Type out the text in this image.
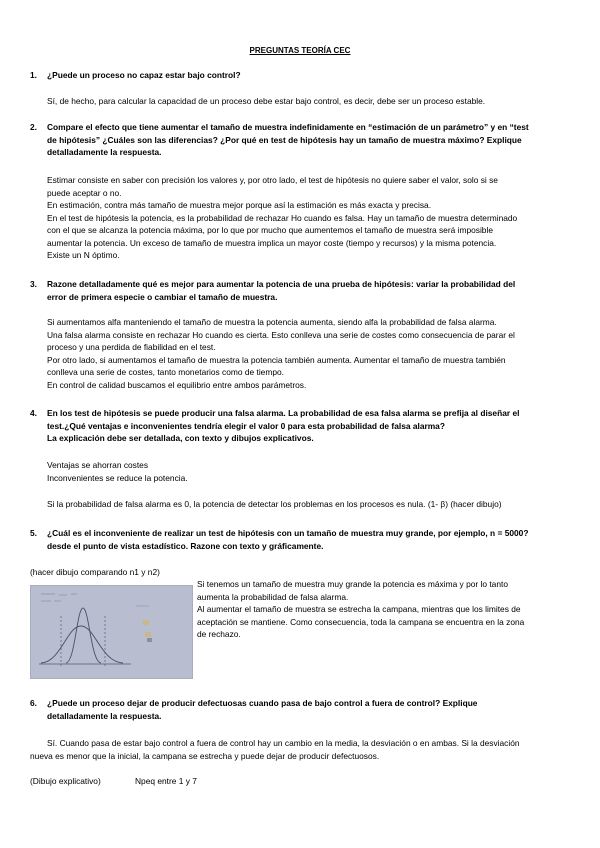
PREGUNTAS TEORÍA CEC
1. ¿Puede un proceso no capaz estar bajo control?
Sí, de hecho, para calcular la capacidad de un proceso debe estar bajo control, es decir, debe ser un proceso estable.
2. Compare el efecto que tiene aumentar el tamaño de muestra indefinidamente en “estimación de un parámetro” y en “test
de hipótesis” ¿Cuáles son las diferencias? ¿Por qué en test de hipótesis hay un tamaño de muestra máximo? Explique
detalladamente la respuesta.
Estimar consiste en saber con precisión los valores y, por otro lado, el test de hipótesis no quiere saber el valor, solo si se
puede aceptar o no.
En estimación, contra más tamaño de muestra mejor porque así la estimación es más exacta y precisa.
En el test de hipótesis la potencia, es la probabilidad de rechazar Ho cuando es falsa. Hay un tamaño de muestra determinado
con el que se alcanza la potencia máxima, por lo que por mucho que aumentemos el tamaño de muestra será imposible
aumentar la potencia. Un exceso de tamaño de muestra implica un mayor coste (tiempo y recursos) y la misma potencia.
Existe un N óptimo.
3. Razone detalladamente qué es mejor para aumentar la potencia de una prueba de hipótesis: variar la probabilidad del
error de primera especie o cambiar el tamaño de muestra.
Si aumentamos alfa manteniendo el tamaño de muestra la potencia aumenta, siendo alfa la probabilidad de falsa alarma.
Una falsa alarma consiste en rechazar Ho cuando es cierta. Esto conlleva una serie de costes como consecuencia de parar el
proceso y una perdida de fiabilidad en el test.
Por otro lado, si aumentamos el tamaño de muestra la potencia también aumenta. Aumentar el tamaño de muestra también
conlleva una serie de costes, tanto monetarios como de tiempo.
En control de calidad buscamos el equilibrio entre ambos parámetros.
4. En los test de hipótesis se puede producir una falsa alarma. La probabilidad de esa falsa alarma se prefija al diseñar el
test.¿Qué ventajas e inconvenientes tendría elegir el valor 0 para esta probabilidad de falsa alarma?
La explicación debe ser detallada, con texto y dibujos explicativos.
Ventajas se ahorran costes
Inconvenientes se reduce la potencia.
Si la probabilidad de falsa alarma es 0, la potencia de detectar los problemas en los procesos es nula. (1- β) (hacer dibujo)
5. ¿Cuál es el inconveniente de realizar un test de hipótesis con un tamaño de muestra muy grande, por ejemplo, n = 5000?
desde el punto de vista estadístico. Razone con texto y gráficamente.
(hacer dibujo comparando n1 y n2)
Si tenemos un tamaño de muestra muy grande la potencia es máxima y por lo tanto
aumenta la probabilidad de falsa alarma.
Al aumentar el tamaño de muestra se estrecha la campana, mientras que los limites de
aceptación se mantiene. Como consecuencia, toda la campana se encuentra en la zona
de rechazo.
6. ¿Puede un proceso dejar de producir defectuosas cuando pasa de bajo control a fuera de control? Explique
detalladamente la respuesta.
Sí. Cuando pasa de estar bajo control a fuera de control hay un cambio en la media, la desviación o en ambas. Si la desviación
nueva es menor que la inicial, la campana se estrecha y puede dejar de producir defectuosos.
(Dibujo explicativo)	Npeq entre 1 y 7
